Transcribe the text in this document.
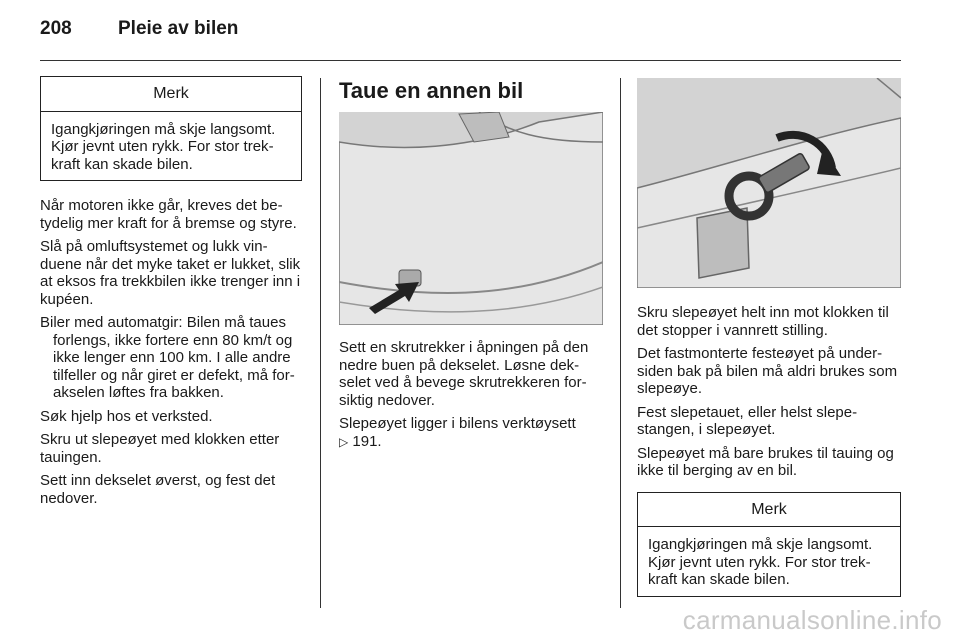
208 Pleie av bilen
Merk
Igangkjøringen må skje langsomt. Kjør jevnt uten rykk. For stor trekkraft kan skade bilen.

Når motoren ikke går, kreves det betydelig mer kraft for å bremse og styre.

Slå på omluftsystemet og lukk vinduene når det myke taket er lukket, slik at eksos fra trekkbilen ikke trenger inn i kupéen.

Biler med automatgir: Bilen må taues forlengs, ikke fortere enn 80 km/t og ikke lenger enn 100 km. I alle andre tilfeller og når giret er defekt, må forakselen løftes fra bakken.

Søk hjelp hos et verksted.

Skru ut slepeøyet med klokken etter tauingen.

Sett inn dekselet øverst, og fest det nedover.

Taue en annen bil

Sett en skrutrekker i åpningen på den nedre buen på dekselet. Løsne dekselet ved å bevege skrutrekkeren forsiktig nedover.

Slepeøyet ligger i bilens verktøysett
▷ 191.

Skru slepeøyet helt inn mot klokken til det stopper i vannrett stilling.

Det fastmonterte festeøyet på undersiden bak på bilen må aldri brukes som slepeøye.

Fest slepetauet, eller helst slepestangen, i slepeøyet.

Slepeøyet må bare brukes til tauing og ikke til berging av en bil.

Merk
Igangkjøringen må skje langsomt. Kjør jevnt uten rykk. For stor trekkraft kan skade bilen.
carmanualsonline.info
